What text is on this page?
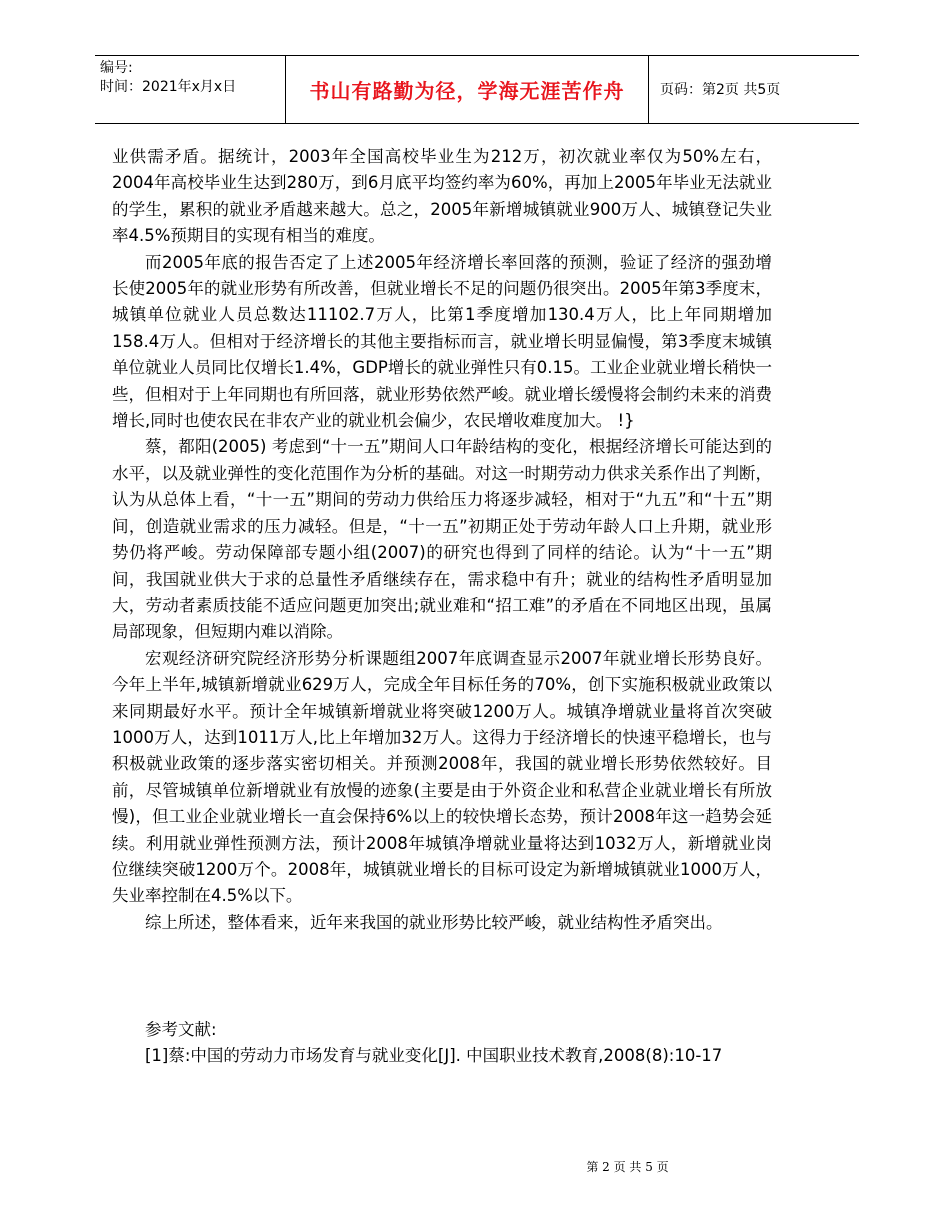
编号:
时间：2021年x月x日	书山有路勤为径，学海无涯苦作舟	页码：第2页 共5页

业供需矛盾。据统计，2003年全国高校毕业生为212万，初次就业率仅为50%左右，2004年高校毕业生达到280万，到6月底平均签约率为60%，再加上2005年毕业无法就业的学生，累积的就业矛盾越来越大。总之，2005年新增城镇就业900万人、城镇登记失业率4.5%预期目的实现有相当的难度。

而2005年底的报告否定了上述2005年经济增长率回落的预测，验证了经济的强劲增长使2005年的就业形势有所改善，但就业增长不足的问题仍很突出。2005年第3季度末，城镇单位就业人员总数达11102.7万人，比第1季度增加130.4万人，比上年同期增加158.4万人。但相对于经济增长的其他主要指标而言，就业增长明显偏慢，第3季度末城镇单位就业人员同比仅增长1.4%，GDP增长的就业弹性只有0.15。工业企业就业增长稍快一些，但相对于上年同期也有所回落，就业形势依然严峻。就业增长缓慢将会制约未来的消费增长,同时也使农民在非农产业的就业机会偏少，农民增收难度加大。 !}

蔡，都阳(2005) 考虑到“十一五”期间人口年龄结构的变化，根据经济增长可能达到的水平，以及就业弹性的变化范围作为分析的基础。对这一时期劳动力供求关系作出了判断，认为从总体上看，“十一五”期间的劳动力供给压力将逐步减轻，相对于“九五”和“十五”期间，创造就业需求的压力减轻。但是，“十一五”初期正处于劳动年龄人口上升期，就业形势仍将严峻。劳动保障部专题小组(2007)的研究也得到了同样的结论。认为“十一五”期间，我国就业供大于求的总量性矛盾继续存在，需求稳中有升；就业的结构性矛盾明显加大，劳动者素质技能不适应问题更加突出;就业难和“招工难”的矛盾在不同地区出现，虽属局部现象，但短期内难以消除。

宏观经济研究院经济形势分析课题组2007年底调查显示2007年就业增长形势良好。今年上半年,城镇新增就业629万人，完成全年目标任务的70%，创下实施积极就业政策以来同期最好水平。预计全年城镇新增就业将突破1200万人。城镇净增就业量将首次突破1000万人，达到1011万人,比上年增加32万人。这得力于经济增长的快速平稳增长，也与积极就业政策的逐步落实密切相关。并预测2008年，我国的就业增长形势依然较好。目前，尽管城镇单位新增就业有放慢的迹象(主要是由于外资企业和私营企业就业增长有所放慢)，但工业企业就业增长一直会保持6%以上的较快增长态势，预计2008年这一趋势会延续。利用就业弹性预测方法，预计2008年城镇净增就业量将达到1032万人，新增就业岗位继续突破1200万个。2008年，城镇就业增长的目标可设定为新增城镇就业1000万人，失业率控制在4.5%以下。

综上所述，整体看来，近年来我国的就业形势比较严峻，就业结构性矛盾突出。

参考文献:

[1]蔡:中国的劳动力市场发育与就业变化[J]. 中国职业技术教育,2008(8):10-17

第 2 页 共 5 页
